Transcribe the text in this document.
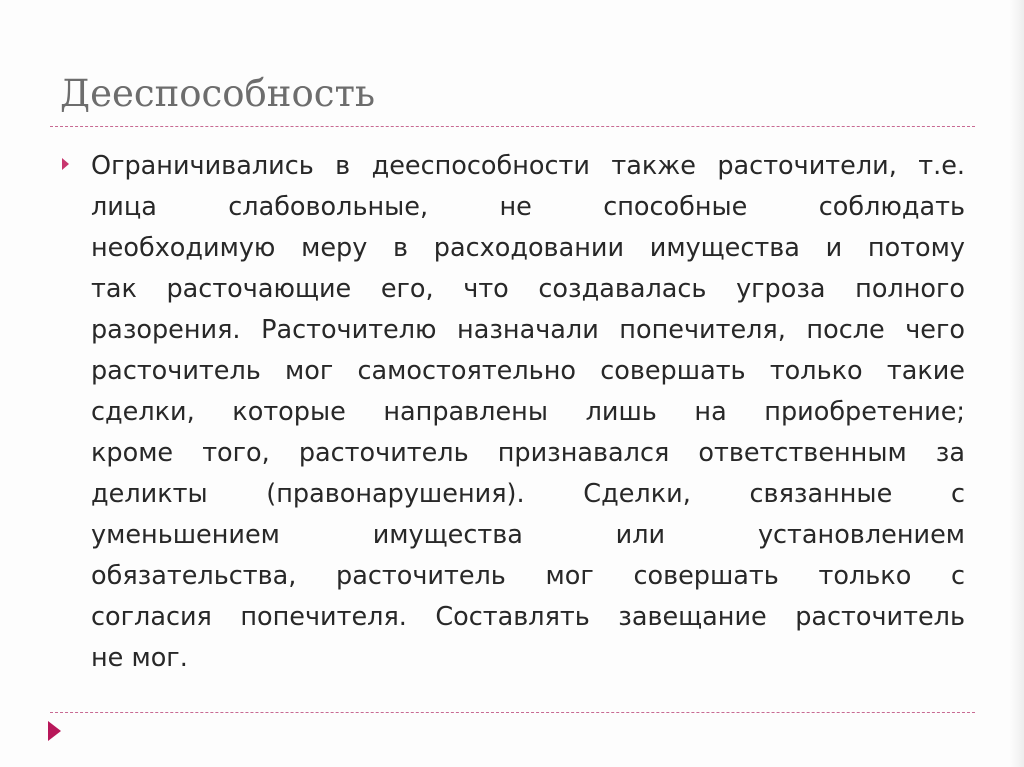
Дееспособность

Ограничивались в дееспособности также расточители, т.е.
лица слабовольные, не способные соблюдать
необходимую меру в расходовании имущества и потому
так расточающие его, что создавалась угроза полного
разорения. Расточителю назначали попечителя, после чего
расточитель мог самостоятельно совершать только такие
сделки, которые направлены лишь на приобретение;
кроме того, расточитель признавался ответственным за
деликты (правонарушения). Сделки, связанные с
уменьшением имущества или установлением
обязательства, расточитель мог совершать только с
согласия попечителя. Составлять завещание расточитель
не мог.
